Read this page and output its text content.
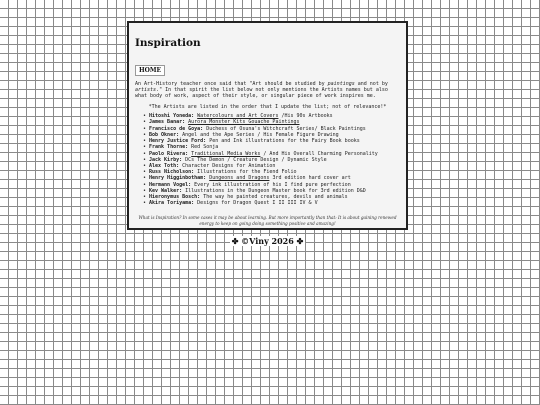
Inspiration
HOME

An Art-History teacher once said that "Art should be studied by paintings and not by artists." In that spirit the list below not only mentions the Artists names but also what body of work, aspect of their style, or singular piece of work inspires me.

*The Artists are listed in the order that I update the list; not of relevance!*

• Hitoshi Yoneda: Watercolours and Art Covers /His 90s Artbooks
• James Banar: Aurora Monster Kits Gouache Paintings
• Francisco de Goya: Duchess of Osuna's Witchcraft Series/ Black Paintings
• Bob Okner: Angel and the Ape Series / His Female Figure Drawing
• Henry Justice Ford: Pen and Ink illustrations for the Fairy Book books
• Frank Thorne: Red Sonja
• Paolo Rivera: Traditional Media Works / And His Overall Charming Personality
• Jack Kirby: DCs The Demon / Creature Design / Dynamic Style
• Alex Toth: Character Designs for Animation
• Russ Nicholson: Illustrations for the Fiend Folio
• Henry Higginbotham: Dungeons and Dragons 3rd edition hard cover art
• Hermann Vogel: Every ink illustration of his I find pure perfection
• Kev Walker: Illustrations in the Dungeon Master book for 3rd edition D&D
• Hieronymus Bosch: The way he painted creatures, devils and animals
• Akira Toriyama: Designs for Dragon Quest I II III IV & V
What is Inspiration? In some cases it may be about learning. But more importantly than that: It is about gaining renewed energy to keep on going doing something positive and amazing!
✤ ©Viny 2026 ✤
